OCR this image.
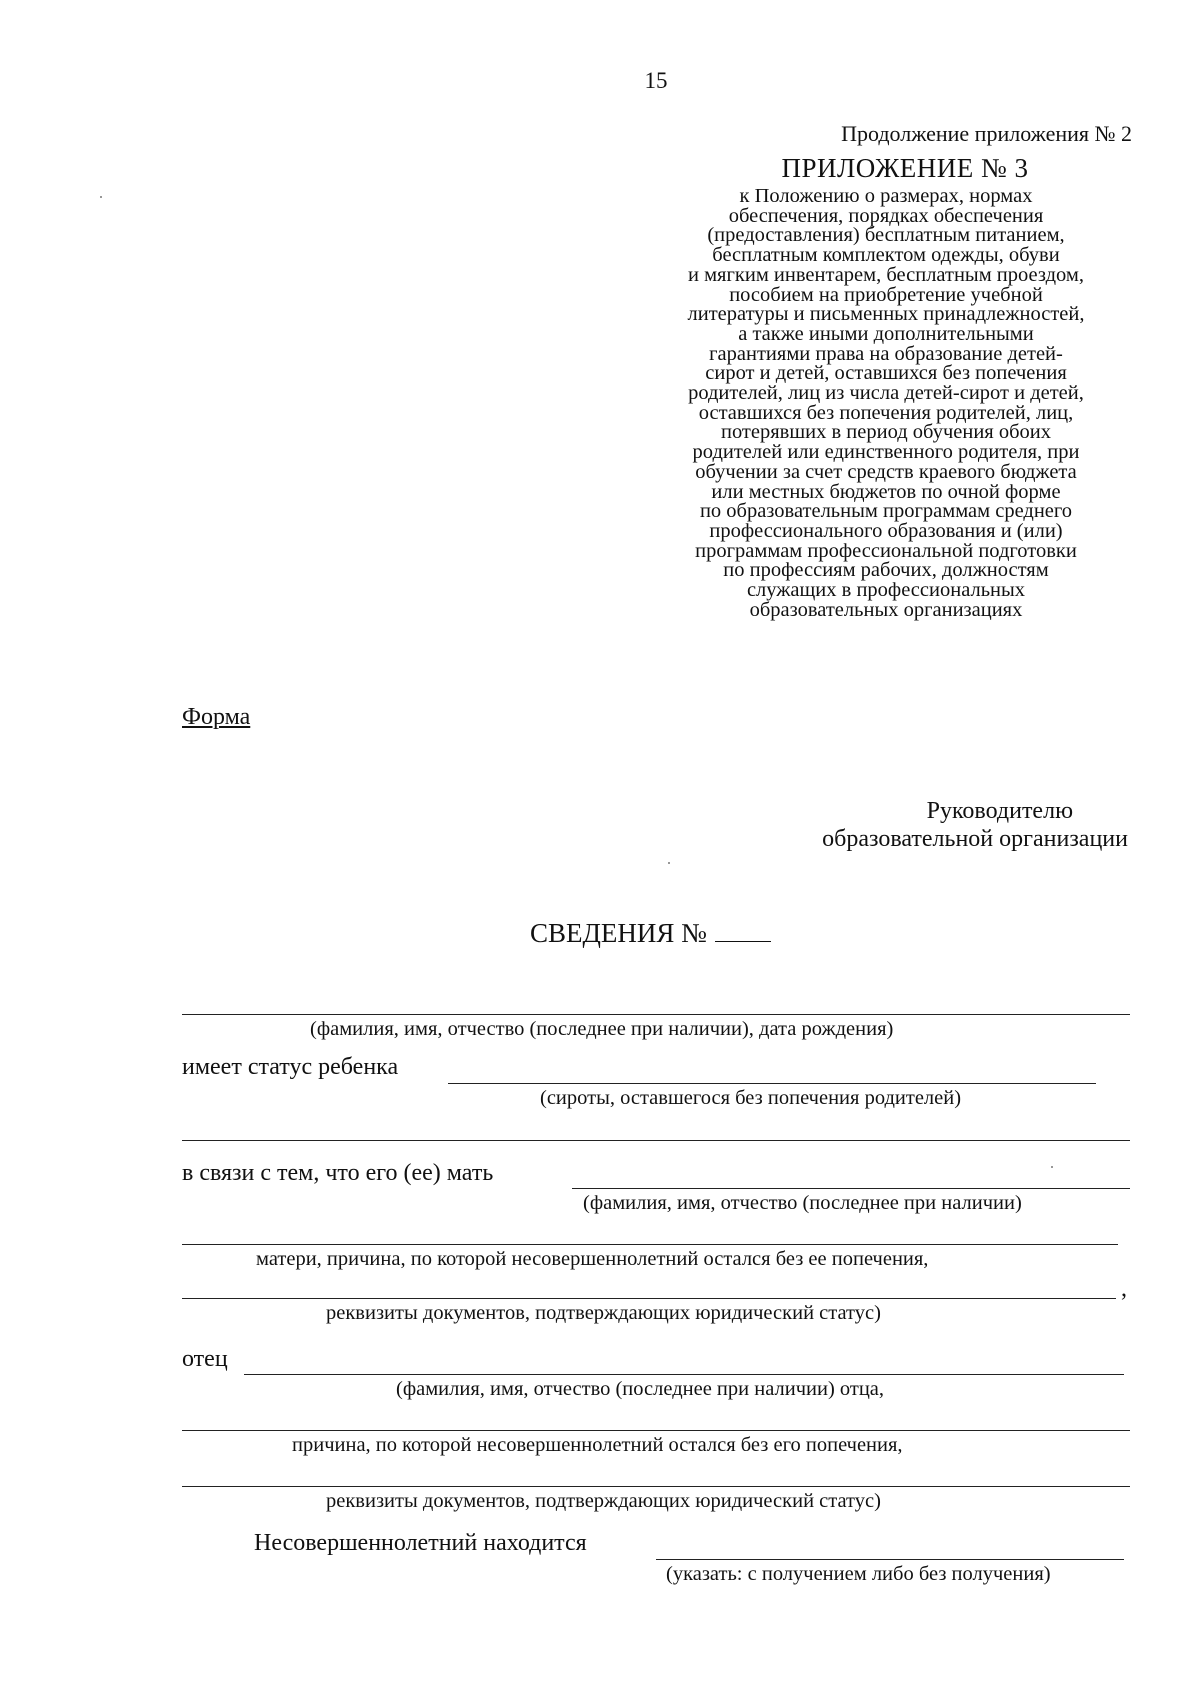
15
Продолжение приложения № 2
ПРИЛОЖЕНИЕ № 3
к Положению о размерах, нормах
обеспечения, порядках обеспечения
(предоставления) бесплатным питанием,
бесплатным комплектом одежды, обуви
и мягким инвентарем, бесплатным проездом,
пособием на приобретение учебной
литературы и письменных принадлежностей,
а также иными дополнительными
гарантиями права на образование детей-
сирот и детей, оставшихся без попечения
родителей, лиц из числа детей-сирот и детей,
оставшихся без попечения родителей, лиц,
потерявших в период обучения обоих
родителей или единственного родителя, при
обучении за счет средств краевого бюджета
или местных бюджетов по очной форме
по образовательным программам среднего
профессионального образования и (или)
программам профессиональной подготовки
по профессиям рабочих, должностям
служащих в профессиональных
образовательных организациях
Форма
Руководителю
образовательной организации
СВЕДЕНИЯ №
(фамилия, имя, отчество (последнее при наличии), дата рождения)
имеет статус ребенка
(сироты, оставшегося без попечения родителей)
в связи с тем, что его (ее) мать
(фамилия, имя, отчество (последнее при наличии)
матери, причина, по которой несовершеннолетний остался без ее попечения,
,
реквизиты документов, подтверждающих юридический статус)
отец
(фамилия, имя, отчество (последнее при наличии) отца,
причина, по которой несовершеннолетний остался без его попечения,
реквизиты документов, подтверждающих юридический статус)
Несовершеннолетний находится
(указать: с получением либо без получения)
